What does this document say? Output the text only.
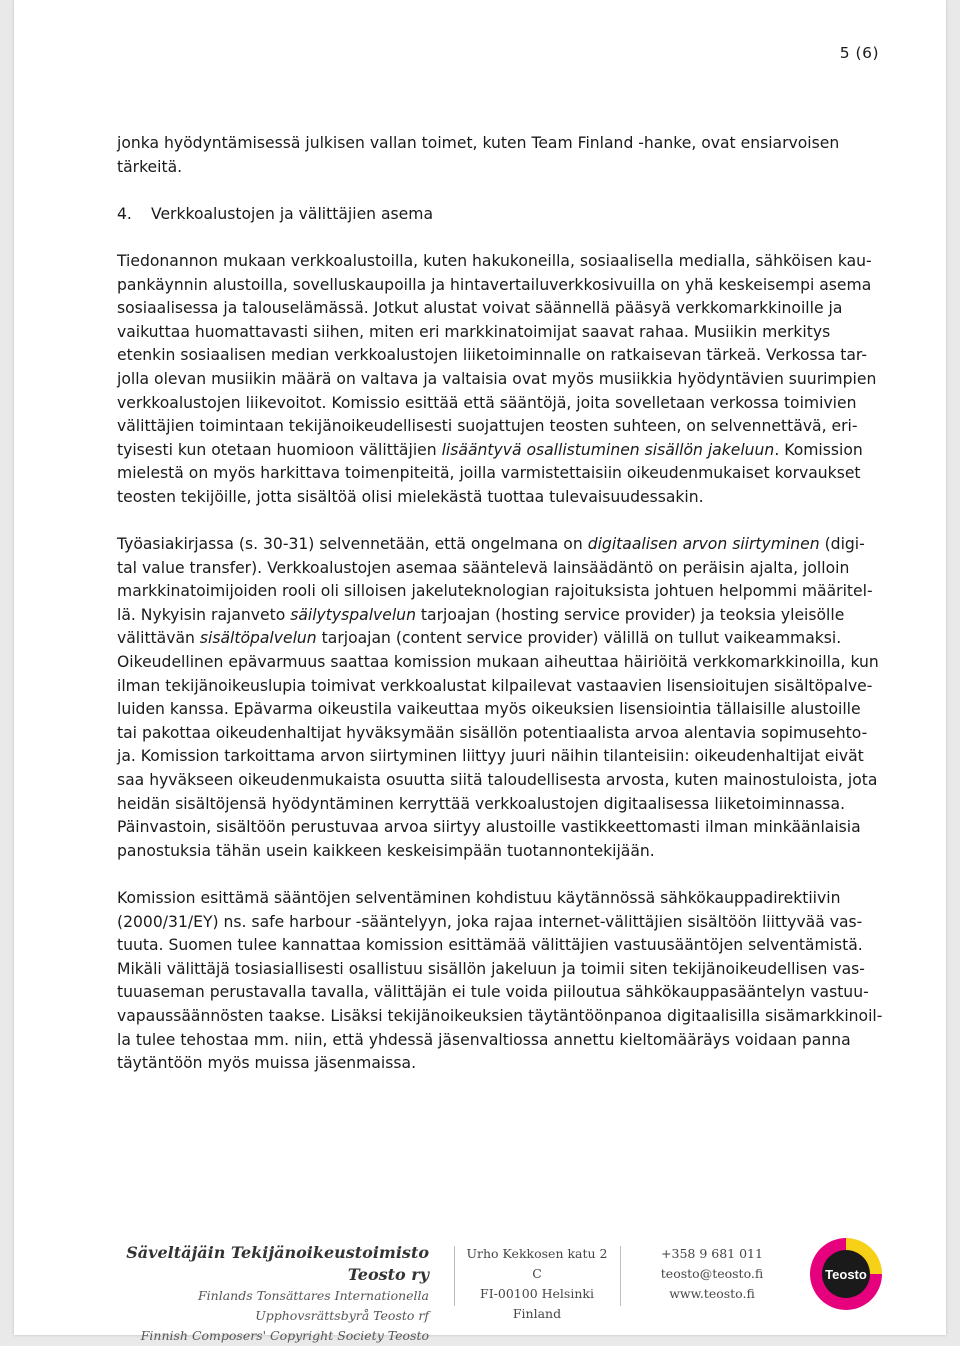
5 (6)

jonka hyödyntämisessä julkisen vallan toimet, kuten Team Finland -hanke, ovat ensiarvoisen
tärkeitä.

4. Verkkoalustojen ja välittäjien asema

Tiedonannon mukaan verkkoalustoilla, kuten hakukoneilla, sosiaalisella medialla, sähköisen kau-
pankäynnin alustoilla, sovelluskaupoilla ja hintavertailuverkkosivuilla on yhä keskeisempi asema
sosiaalisessa ja talouselämässä. Jotkut alustat voivat säännellä pääsyä verkkomarkkinoille ja
vaikuttaa huomattavasti siihen, miten eri markkinatoimijat saavat rahaa. Musiikin merkitys
etenkin sosiaalisen median verkkoalustojen liiketoiminnalle on ratkaisevan tärkeä. Verkossa tar-
jolla olevan musiikin määrä on valtava ja valtaisia ovat myös musiikkia hyödyntävien suurimpien
verkkoalustojen liikevoitot. Komissio esittää että sääntöjä, joita sovelletaan verkossa toimivien
välittäjien toimintaan tekijänoikeudellisesti suojattujen teosten suhteen, on selvennettävä, eri-
tyisesti kun otetaan huomioon välittäjien lisääntyvä osallistuminen sisällön jakeluun. Komission
mielestä on myös harkittava toimenpiteitä, joilla varmistettaisiin oikeudenmukaiset korvaukset
teosten tekijöille, jotta sisältöä olisi mielekästä tuottaa tulevaisuudessakin.

Työasiakirjassa (s. 30-31) selvennetään, että ongelmana on digitaalisen arvon siirtyminen (digi-
tal value transfer). Verkkoalustojen asemaa sääntelevä lainsäädäntö on peräisin ajalta, jolloin
markkinatoimijoiden rooli oli silloisen jakeluteknologian rajoituksista johtuen helpommi määritel-
lä. Nykyisin rajanveto säilytyspalvelun tarjoajan (hosting service provider) ja teoksia yleisölle
välittävän sisältöpalvelun tarjoajan (content service provider) välillä on tullut vaikeammaksi.
Oikeudellinen epävarmuus saattaa komission mukaan aiheuttaa häiriöitä verkkomarkkinoilla, kun
ilman tekijänoikeuslupia toimivat verkkoalustat kilpailevat vastaavien lisensioitujen sisältöpalve-
luiden kanssa. Epävarma oikeustila vaikeuttaa myös oikeuksien lisensiointia tällaisille alustoille
tai pakottaa oikeudenhaltijat hyväksymään sisällön potentiaalista arvoa alentavia sopimusehto-
ja. Komission tarkoittama arvon siirtyminen liittyy juuri näihin tilanteisiin: oikeudenhaltijat eivät
saa hyväkseen oikeudenmukaista osuutta siitä taloudellisesta arvosta, kuten mainostuloista, jota
heidän sisältöjensä hyödyntäminen kerryttää verkkoalustojen digitaalisessa liiketoiminnassa.
Päinvastoin, sisältöön perustuvaa arvoa siirtyy alustoille vastikkeettomasti ilman minkäänlaisia
panostuksia tähän usein kaikkeen keskeisimpään tuotannontekijään.

Komission esittämä sääntöjen selventäminen kohdistuu käytännössä sähkökauppadirektiivin
(2000/31/EY) ns. safe harbour -sääntelyyn, joka rajaa internet-välittäjien sisältöön liittyvää vas-
tuuta. Suomen tulee kannattaa komission esittämää välittäjien vastuusääntöjen selventämistä.
Mikäli välittäjä tosiasiallisesti osallistuu sisällön jakeluun ja toimii siten tekijänoikeudellisen vas-
tuuaseman perustavalla tavalla, välittäjän ei tule voida piiloutua sähkökauppasääntelyn vastuu-
vapaussäännösten taakse. Lisäksi tekijänoikeuksien täytäntöönpanoa digitaalisilla sisämarkkinoil-
la tulee tehostaa mm. niin, että yhdessä jäsenvaltiossa annettu kieltomääräys voidaan panna
täytäntöön myös muissa jäsenmaissa.

Säveltäjäin Tekijänoikeustoimisto Teosto ry
Finlands Tonsättares Internationella Upphovsrättsbyrå Teosto rf
Finnish Composers' Copyright Society Teosto
Urho Kekkosen katu 2 C
FI-00100 Helsinki
Finland
+358 9 681 011
teosto@teosto.fi
www.teosto.fi
Teosto
